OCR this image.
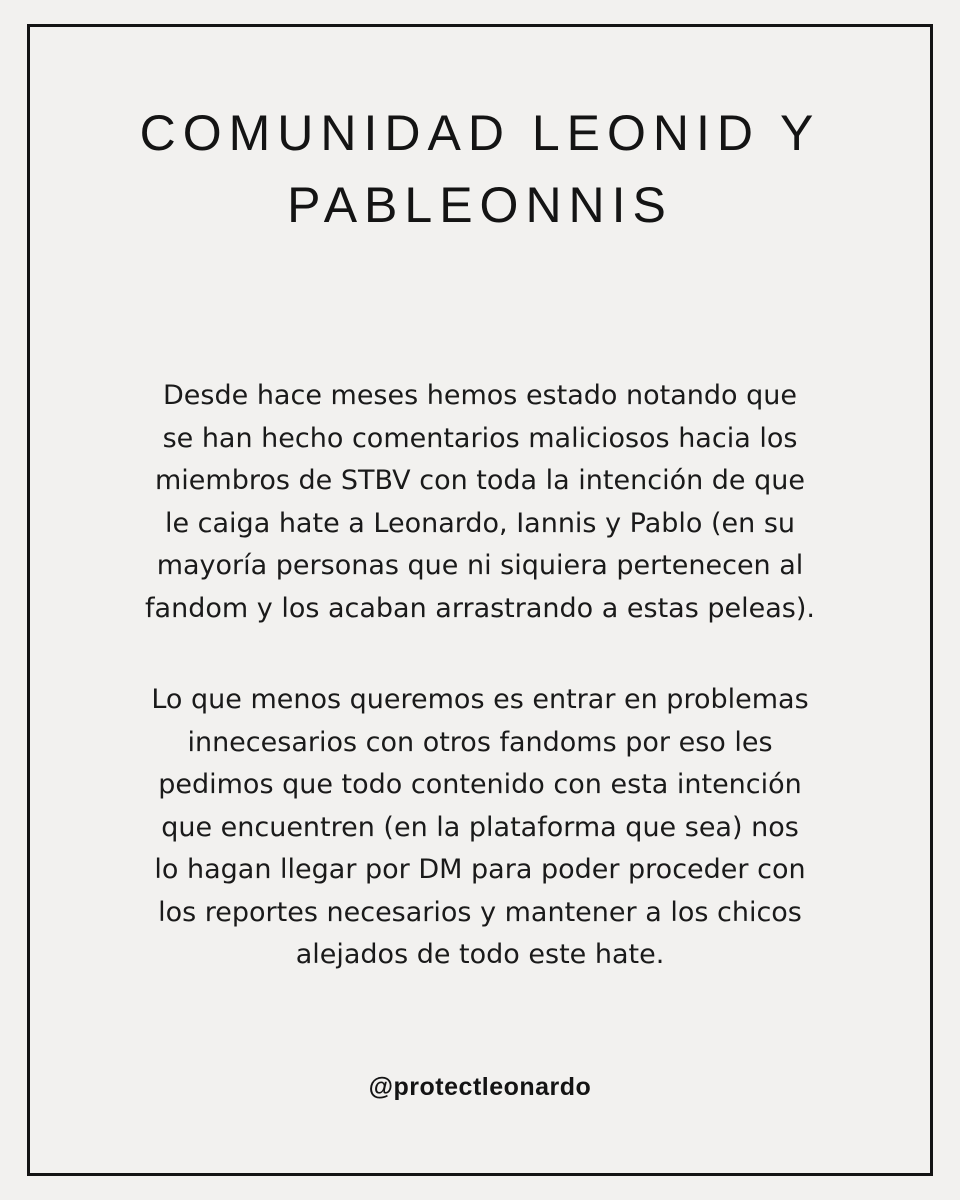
COMUNIDAD LEONID Y
PABLEONNIS

Desde hace meses hemos estado notando que
se han hecho comentarios maliciosos hacia los
miembros de STBV con toda la intención de que
le caiga hate a Leonardo, Iannis y Pablo (en su
mayoría personas que ni siquiera pertenecen al
fandom y los acaban arrastrando a estas peleas).

Lo que menos queremos es entrar en problemas
innecesarios con otros fandoms por eso les
pedimos que todo contenido con esta intención
que encuentren (en la plataforma que sea) nos
lo hagan llegar por DM para poder proceder con
los reportes necesarios y mantener a los chicos
alejados de todo este hate.

@protectleonardo
